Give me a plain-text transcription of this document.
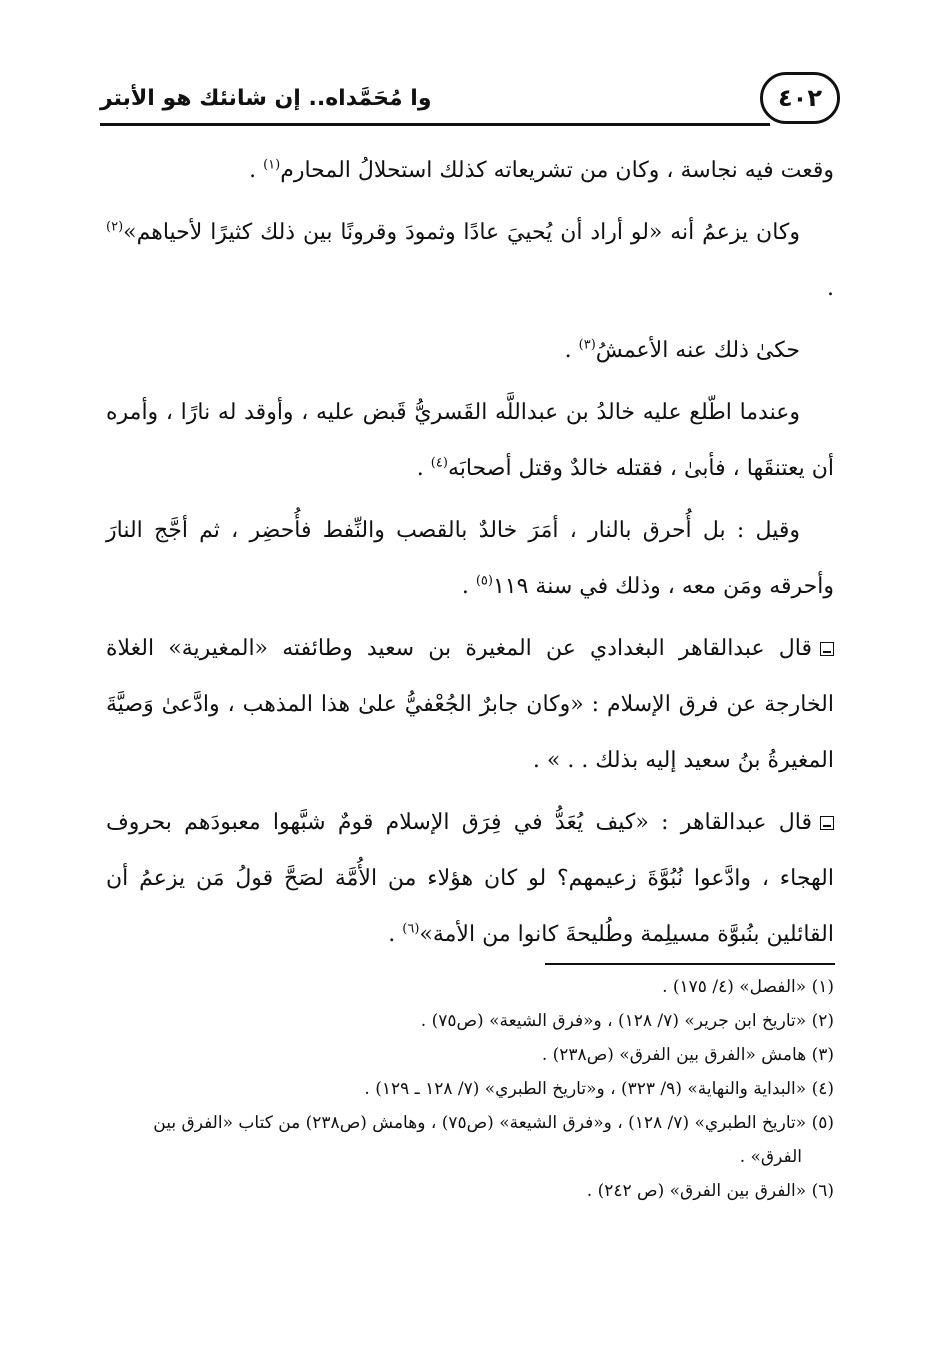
٤٠٢
وا مُحَمَّداه.. إن شانئك هو الأبتر

وقعت فيه نجاسة ، وكان من تشريعاته كذلك استحلالُ المحارم$^{(١)}$ .

وكان يزعمُ أنه «لو أراد أن يُحييَ عادًا وثمودَ وقرونًا بين ذلك كثيرًا لأحياهم»$^{(٢)}$ .

حكىٰ ذلك عنه الأعمشُ$^{(٣)}$ .

وعندما اطّلع عليه خالدُ بن عبداللَّه القَسريُّ قَبض عليه ، وأوقد له نارًا ، وأمره أن يعتنقَها ، فأبىٰ ، فقتله خالدٌ وقتل أصحابَه$^{(٤)}$ .

وقيل : بل أُحرق بالنار ، أمَرَ خالدٌ بالقصب والنِّفط فأُحضِر ، ثم أجَّج النارَ وأحرقه ومَن معه ، وذلك في سنة ١١٩$^{(٥)}$ .

قال عبدالقاهر البغدادي عن المغيرة بن سعيد وطائفته «المغيرية» الغلاة الخارجة عن فرق الإسلام : «وكان جابرٌ الجُعْفيُّ علىٰ هذا المذهب ، وادَّعىٰ وَصيَّةَ المغيرةُ بنُ سعيد إليه بذلك . . » .

قال عبدالقاهر : «كيف يُعَدُّ في فِرَق الإسلام قومٌ شبَّهوا معبودَهم بحروف الهجاء ، وادَّعوا نُبُوَّةَ زعيمهم؟ لو كان هؤلاء من الأُمَّة لصَحَّ قولُ مَن يزعمُ أن القائلين بنُبوَّة مسيلِمة وطُليحةَ كانوا من الأمة»$^{(٦)}$ .

(١) «الفصل» (٤/ ١٧٥) .

(٢) «تاريخ ابن جرير» (٧/ ١٢٨) ، و«فرق الشيعة» (ص٧٥) .

(٣) هامش «الفرق بين الفرق» (ص٢٣٨) .

(٤) «البداية والنهاية» (٩/ ٣٢٣) ، و«تاريخ الطبري» (٧/ ١٢٨ ـ ١٢٩) .

(٥) «تاريخ الطبري» (٧/ ١٢٨) ، و«فرق الشيعة» (ص٧٥) ، وهامش (ص٢٣٨) من كتاب «الفرق بين الفرق» .

(٦) «الفرق بين الفرق» (ص ٢٤٢) .
